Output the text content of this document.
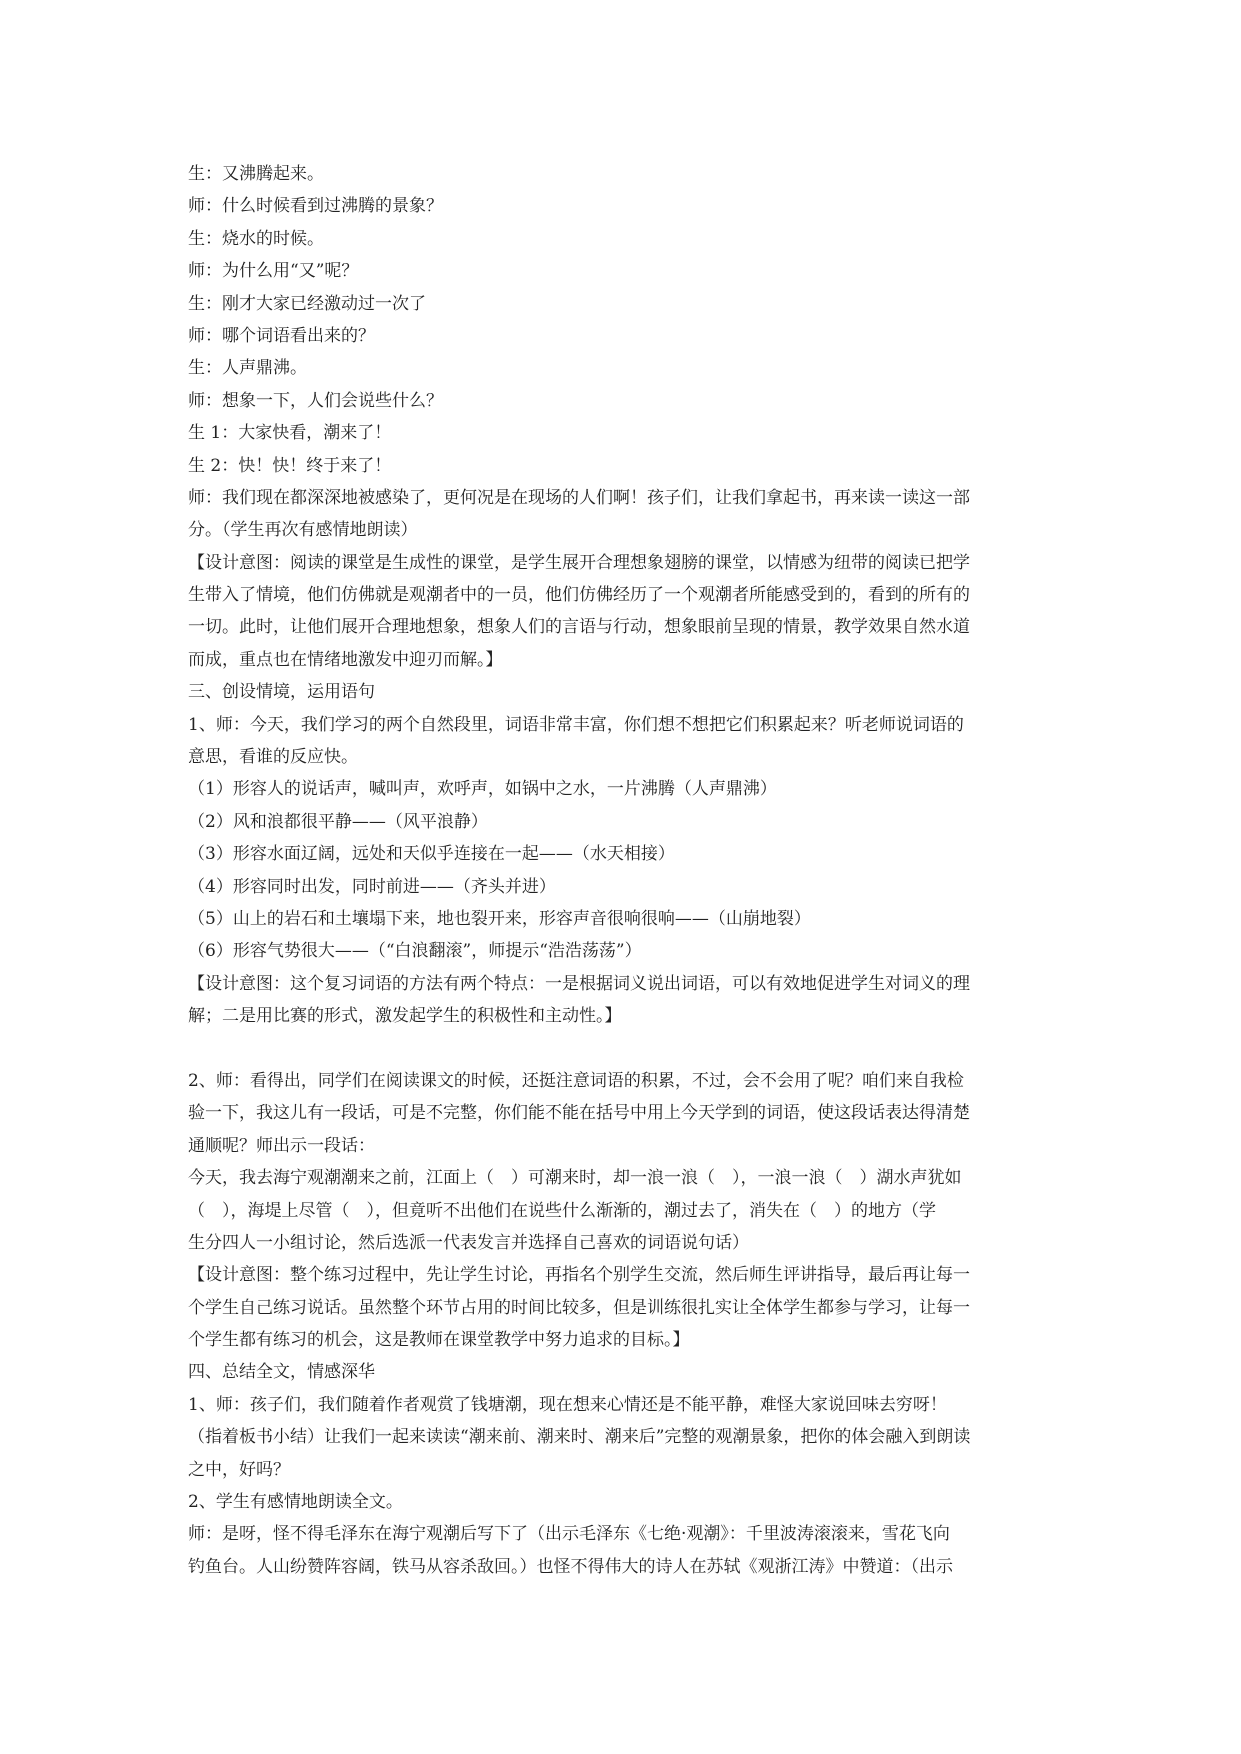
生：又沸腾起来。
师：什么时候看到过沸腾的景象？
生：烧水的时候。
师：为什么用“又”呢？
生：刚才大家已经激动过一次了
师：哪个词语看出来的？
生：人声鼎沸。
师：想象一下，人们会说些什么？
生 1：大家快看，潮来了！
生 2：快！快！终于来了！
师：我们现在都深深地被感染了，更何况是在现场的人们啊！孩子们，让我们拿起书，再来读一读这一部
分。（学生再次有感情地朗读）
【设计意图：阅读的课堂是生成性的课堂，是学生展开合理想象翅膀的课堂，以情感为纽带的阅读已把学
生带入了情境，他们仿佛就是观潮者中的一员，他们仿佛经历了一个观潮者所能感受到的，看到的所有的
一切。此时，让他们展开合理地想象，想象人们的言语与行动，想象眼前呈现的情景，教学效果自然水道
而成，重点也在情绪地激发中迎刃而解。】
三、创设情境，运用语句
1、师：今天，我们学习的两个自然段里，词语非常丰富，你们想不想把它们积累起来？听老师说词语的
意思，看谁的反应快。
（1）形容人的说话声，喊叫声，欢呼声，如锅中之水，一片沸腾（人声鼎沸）
（2）风和浪都很平静——（风平浪静）
（3）形容水面辽阔，远处和天似乎连接在一起——（水天相接）
（4）形容同时出发，同时前进——（齐头并进）
（5）山上的岩石和土壤塌下来，地也裂开来，形容声音很响很响——（山崩地裂）
（6）形容气势很大——（“白浪翻滚”，师提示“浩浩荡荡”）
【设计意图：这个复习词语的方法有两个特点：一是根据词义说出词语，可以有效地促进学生对词义的理
解；二是用比赛的形式，激发起学生的积极性和主动性。】
2、师：看得出，同学们在阅读课文的时候，还挺注意词语的积累，不过，会不会用了呢？咱们来自我检
验一下，我这儿有一段话，可是不完整，你们能不能在括号中用上今天学到的词语，使这段话表达得清楚
通顺呢？师出示一段话：
今天，我去海宁观潮潮来之前，江面上（　）可潮来时，却一浪一浪（　），一浪一浪（　）湖水声犹如
（　），海堤上尽管（　），但竟听不出他们在说些什么渐渐的，潮过去了，消失在（　）的地方（学
生分四人一小组讨论，然后选派一代表发言并选择自己喜欢的词语说句话）
【设计意图：整个练习过程中，先让学生讨论，再指名个别学生交流，然后师生评讲指导，最后再让每一
个学生自己练习说话。虽然整个环节占用的时间比较多，但是训练很扎实让全体学生都参与学习，让每一
个学生都有练习的机会，这是教师在课堂教学中努力追求的目标。】
四、总结全文，情感深华
1、师：孩子们，我们随着作者观赏了钱塘潮，现在想来心情还是不能平静，难怪大家说回味去穷呀！
（指着板书小结）让我们一起来读读“潮来前、潮来时、潮来后”完整的观潮景象，把你的体会融入到朗读
之中，好吗？
2、学生有感情地朗读全文。
师：是呀，怪不得毛泽东在海宁观潮后写下了（出示毛泽东《七绝·观潮》：千里波涛滚滚来，雪花飞向
钓鱼台。人山纷赞阵容阔，铁马从容杀敌回。）也怪不得伟大的诗人在苏轼《观浙江涛》中赞道：（出示
